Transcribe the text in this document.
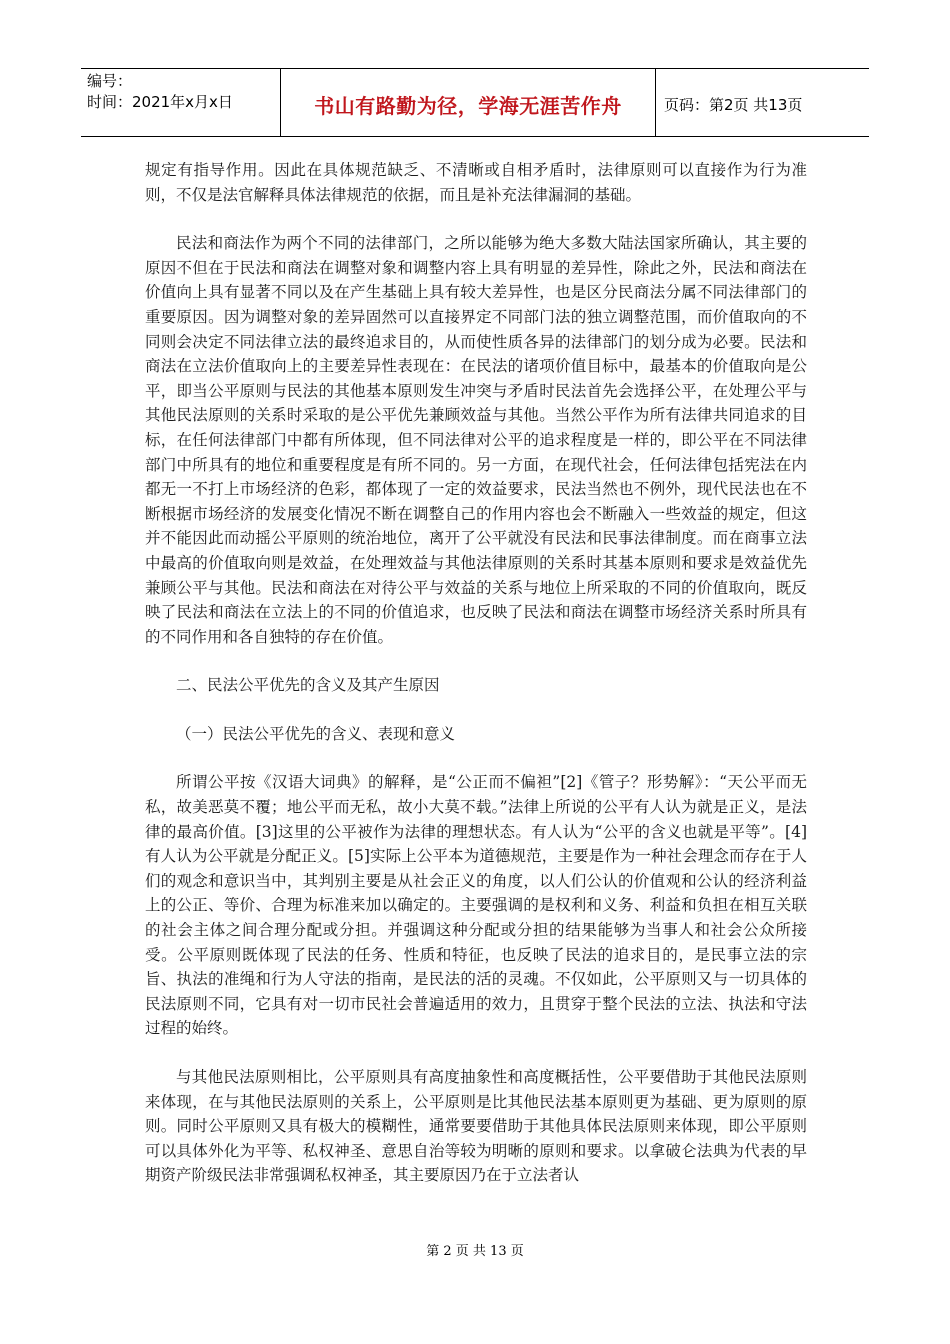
编号：
时间：2021年x月x日	书山有路勤为径，学海无涯苦作舟	页码：第2页 共13页

规定有指导作用。因此在具体规范缺乏、不清晰或自相矛盾时，法律原则可以直接作为行为准则，不仅是法官解释具体法律规范的依据，而且是补充法律漏洞的基础。

民法和商法作为两个不同的法律部门，之所以能够为绝大多数大陆法国家所确认，其主要的原因不但在于民法和商法在调整对象和调整内容上具有明显的差异性，除此之外，民法和商法在价值向上具有显著不同以及在产生基础上具有较大差异性，也是区分民商法分属不同法律部门的重要原因。因为调整对象的差异固然可以直接界定不同部门法的独立调整范围，而价值取向的不同则会决定不同法律立法的最终追求目的，从而使性质各异的法律部门的划分成为必要。民法和商法在立法价值取向上的主要差异性表现在：在民法的诸项价值目标中，最基本的价值取向是公平，即当公平原则与民法的其他基本原则发生冲突与矛盾时民法首先会选择公平，在处理公平与其他民法原则的关系时采取的是公平优先兼顾效益与其他。当然公平作为所有法律共同追求的目标，在任何法律部门中都有所体现，但不同法律对公平的追求程度是一样的，即公平在不同法律部门中所具有的地位和重要程度是有所不同的。另一方面，在现代社会，任何法律包括宪法在内都无一不打上市场经济的色彩，都体现了一定的效益要求，民法当然也不例外，现代民法也在不断根据市场经济的发展变化情况不断在调整自己的作用内容也会不断融入一些效益的规定，但这并不能因此而动摇公平原则的统治地位，离开了公平就没有民法和民事法律制度。而在商事立法中最高的价值取向则是效益，在处理效益与其他法律原则的关系时其基本原则和要求是效益优先兼顾公平与其他。民法和商法在对待公平与效益的关系与地位上所采取的不同的价值取向，既反映了民法和商法在立法上的不同的价值追求，也反映了民法和商法在调整市场经济关系时所具有的不同作用和各自独特的存在价值。

二、民法公平优先的含义及其产生原因

（一）民法公平优先的含义、表现和意义

所谓公平按《汉语大词典》的解释，是“公正而不偏袒”[2]《管子？形势解》：“天公平而无私，故美恶莫不覆；地公平而无私，故小大莫不载。”法律上所说的公平有人认为就是正义，是法律的最高价值。[3]这里的公平被作为法律的理想状态。有人认为“公平的含义也就是平等”。[4]有人认为公平就是分配正义。[5]实际上公平本为道德规范，主要是作为一种社会理念而存在于人们的观念和意识当中，其判别主要是从社会正义的角度，以人们公认的价值观和公认的经济利益上的公正、等价、合理为标准来加以确定的。主要强调的是权利和义务、利益和负担在相互关联的社会主体之间合理分配或分担。并强调这种分配或分担的结果能够为当事人和社会公众所接受。公平原则既体现了民法的任务、性质和特征，也反映了民法的追求目的，是民事立法的宗旨、执法的准绳和行为人守法的指南，是民法的活的灵魂。不仅如此，公平原则又与一切具体的民法原则不同，它具有对一切市民社会普遍适用的效力，且贯穿于整个民法的立法、执法和守法过程的始终。

与其他民法原则相比，公平原则具有高度抽象性和高度概括性，公平要借助于其他民法原则来体现，在与其他民法原则的关系上，公平原则是比其他民法基本原则更为基础、更为原则的原则。同时公平原则又具有极大的模糊性，通常要要借助于其他具体民法原则来体现，即公平原则可以具体外化为平等、私权神圣、意思自治等较为明晰的原则和要求。以拿破仑法典为代表的早期资产阶级民法非常强调私权神圣，其主要原因乃在于立法者认

第 2 页 共 13 页
